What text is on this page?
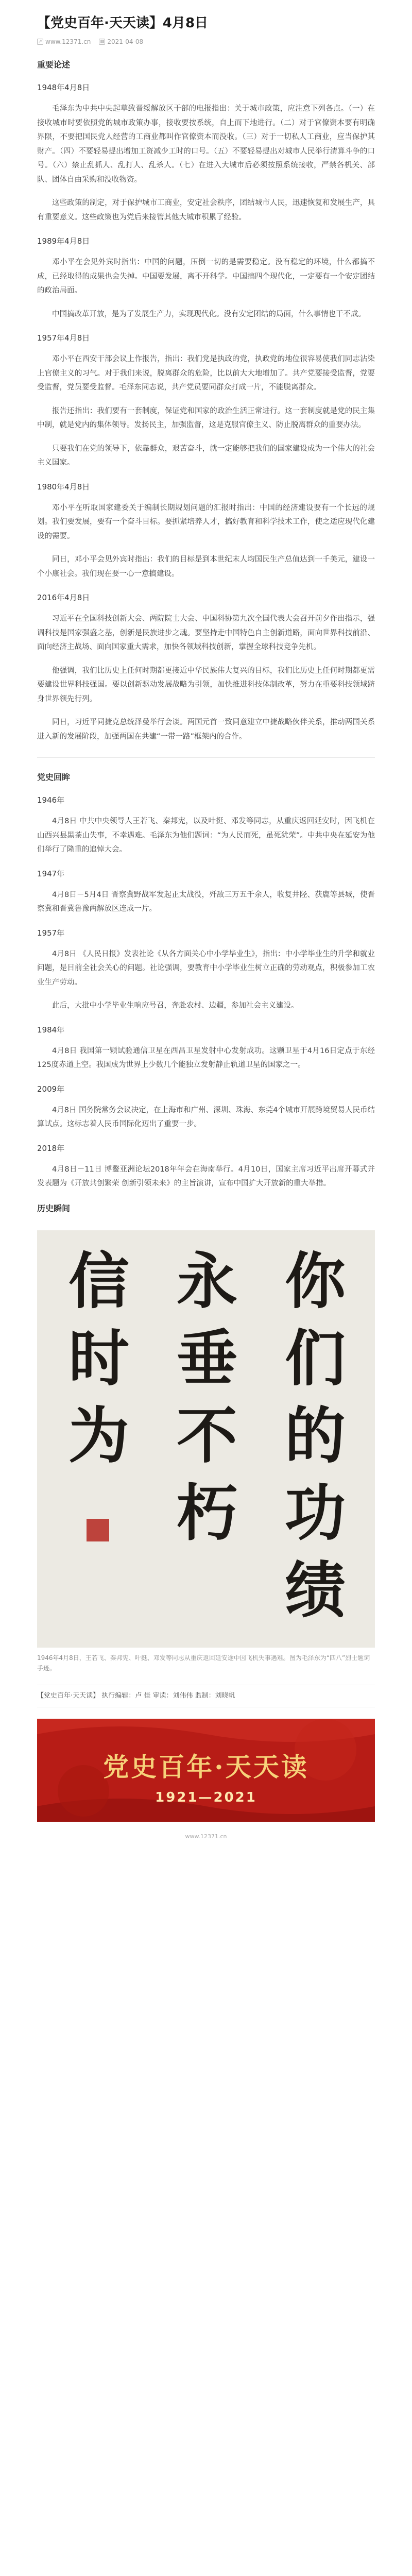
【党史百年·天天读】4月8日
↗ www.12371.cn ▦ 2021-04-08
重要论述
1948年4月8日

毛泽东为中共中央起草致晋绥解放区干部的电报指出：关于城市政策，应注意下列各点。（一）在接收城市时要依照党的城市政策办事，接收要按系统，自上而下地进行。（二）对于官僚资本要有明确界限，不要把国民党人经营的工商业都叫作官僚资本而没收。（三）对于一切私人工商业，应当保护其财产。（四）不要轻易提出增加工资减少工时的口号。（五）不要轻易提出对城市人民举行清算斗争的口号。（六）禁止乱抓人、乱打人、乱杀人。（七）在进入大城市后必须按照系统接收，严禁各机关、部队、团体自由采购和没收物资。

这些政策的制定，对于保护城市工商业，安定社会秩序，团结城市人民，迅速恢复和发展生产，具有重要意义。这些政策也为党后来接管其他大城市积累了经验。

1989年4月8日

邓小平在会见外宾时指出：中国的问题，压倒一切的是需要稳定。没有稳定的环境，什么都搞不成，已经取得的成果也会失掉。中国要发展，离不开科学。中国搞四个现代化，一定要有一个安定团结的政治局面。

中国搞改革开放，是为了发展生产力，实现现代化。没有安定团结的局面，什么事情也干不成。

1957年4月8日

邓小平在西安干部会议上作报告，指出：我们党是执政的党，执政党的地位很容易使我们同志沾染上官僚主义的习气。对于我们来说，脱离群众的危险，比以前大大地增加了。共产党要接受监督，党要受监督，党员要受监督。毛泽东同志说，共产党员要同群众打成一片，不能脱离群众。

报告还指出：我们要有一套制度，保证党和国家的政治生活正常进行。这一套制度就是党的民主集中制，就是党内的集体领导。发扬民主，加强监督，这是克服官僚主义、防止脱离群众的重要办法。

只要我们在党的领导下，依靠群众，艰苦奋斗，就一定能够把我们的国家建设成为一个伟大的社会主义国家。

1980年4月8日

邓小平在听取国家建委关于编制长期规划问题的汇报时指出：中国的经济建设要有一个长远的规划。我们要发展，要有一个奋斗目标。要抓紧培养人才，搞好教育和科学技术工作，使之适应现代化建设的需要。

同日，邓小平会见外宾时指出：我们的目标是到本世纪末人均国民生产总值达到一千美元，建设一个小康社会。我们现在要一心一意搞建设。

2016年4月8日

习近平在全国科技创新大会、两院院士大会、中国科协第九次全国代表大会召开前夕作出指示，强调科技是国家强盛之基，创新是民族进步之魂。要坚持走中国特色自主创新道路，面向世界科技前沿、面向经济主战场、面向国家重大需求，加快各领域科技创新，掌握全球科技竞争先机。

他强调，我们比历史上任何时期都更接近中华民族伟大复兴的目标，我们比历史上任何时期都更需要建设世界科技强国。要以创新驱动发展战略为引领，加快推进科技体制改革，努力在重要科技领域跻身世界领先行列。

同日，习近平同捷克总统泽曼举行会谈。两国元首一致同意建立中捷战略伙伴关系，推动两国关系进入新的发展阶段，加强两国在共建“一带一路”框架内的合作。

党史回眸
1946年

4月8日 中共中央领导人王若飞、秦邦宪，以及叶挺、邓发等同志，从重庆返回延安时，因飞机在山西兴县黑茶山失事，不幸遇难。毛泽东为他们题词：“为人民而死，虽死犹荣”。中共中央在延安为他们举行了隆重的追悼大会。

1947年

4月8日－5月4日 晋察冀野战军发起正太战役，歼敌三万五千余人，收复井陉、获鹿等县城，使晋察冀和晋冀鲁豫两解放区连成一片。

1957年

4月8日 《人民日报》发表社论《从各方面关心中小学毕业生》，指出：中小学毕业生的升学和就业问题，是目前全社会关心的问题。社论强调，要教育中小学毕业生树立正确的劳动观点，积极参加工农业生产劳动。

此后，大批中小学毕业生响应号召，奔赴农村、边疆，参加社会主义建设。

1984年

4月8日 我国第一颗试验通信卫星在西昌卫星发射中心发射成功。这颗卫星于4月16日定点于东经125度赤道上空。我国成为世界上少数几个能独立发射静止轨道卫星的国家之一。

2009年

4月8日 国务院常务会议决定，在上海市和广州、深圳、珠海、东莞4个城市开展跨境贸易人民币结算试点。这标志着人民币国际化迈出了重要一步。

2018年

4月8日－11日 博鳌亚洲论坛2018年年会在海南举行。4月10日，国家主席习近平出席开幕式并发表题为《开放共创繁荣 创新引领未来》的主旨演讲，宣布中国扩大开放新的重大举措。

历史瞬间
你
们
的
功
绩
永
垂
不
朽
信
时
为

1946年4月8日，王若飞、秦邦宪、叶挺、邓发等同志从重庆返回延安途中因飞机失事遇难。图为毛泽东为“四八”烈士题词手迹。

【党史百年·天天读】 执行编辑：卢 佳 审读：刘伟伟 监制：刘晓帆
党史百年·天天读
1921—2021
www.12371.cn
